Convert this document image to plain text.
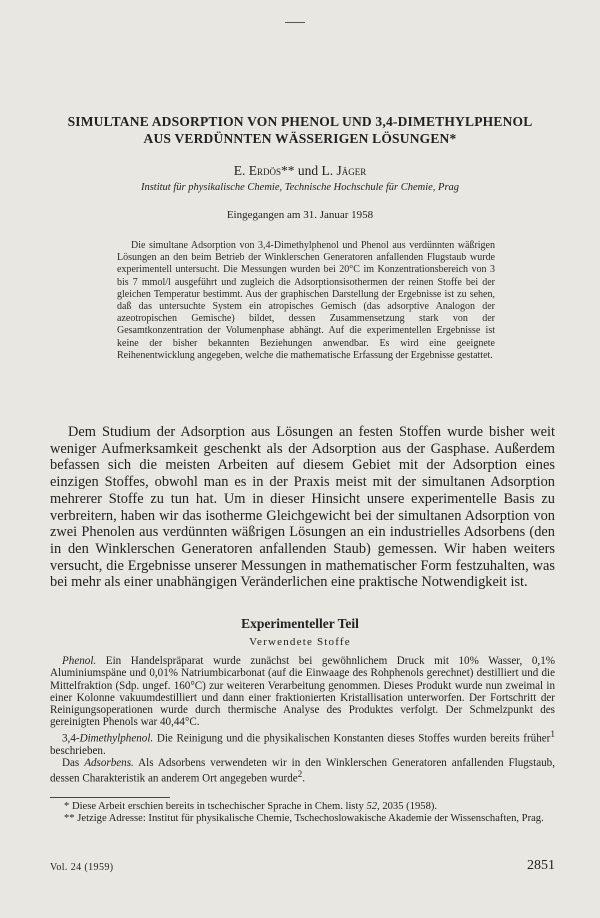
SIMULTANE ADSORPTION VON PHENOL UND 3,4-DIMETHYLPHENOL
AUS VERDÜNNTEN WÄSSERIGEN LÖSUNGEN*
E. Erdös** und L. Jäger
Institut für physikalische Chemie, Technische Hochschule für Chemie, Prag
Eingegangen am 31. Januar 1958
Die simultane Adsorption von 3,4-Dimethylphenol und Phenol aus verdünnten wäßrigen Lösungen an den beim Betrieb der Winklerschen Generatoren anfallenden Flugstaub wurde experimentell untersucht. Die Messungen wurden bei 20°C im Konzentrationsbereich von 3 bis 7 mmol/l ausgeführt und zugleich die Adsorptionsisothermen der reinen Stoffe bei der gleichen Temperatur bestimmt. Aus der graphischen Darstellung der Ergebnisse ist zu sehen, daß das untersuchte System ein atropisches Gemisch (das adsorptive Analogon der azeotropischen Gemische) bildet, dessen Zusammensetzung stark von der Gesamtkonzentration der Volumenphase abhängt. Auf die experimentellen Ergebnisse ist keine der bisher bekannten Beziehungen anwendbar. Es wird eine geeignete Reihenentwicklung angegeben, welche die mathematische Erfassung der Ergebnisse gestattet.
Dem Studium der Adsorption aus Lösungen an festen Stoffen wurde bisher weit weniger Aufmerksamkeit geschenkt als der Adsorption aus der Gasphase. Außerdem befassen sich die meisten Arbeiten auf diesem Gebiet mit der Adsorption eines einzigen Stoffes, obwohl man es in der Praxis meist mit der simultanen Adsorption mehrerer Stoffe zu tun hat. Um in dieser Hinsicht unsere experimentelle Basis zu verbreitern, haben wir das isotherme Gleichgewicht bei der simultanen Adsorption von zwei Phenolen aus verdünnten wäßrigen Lösungen an ein industrielles Adsorbens (den in den Winklerschen Generatoren anfallenden Staub) gemessen. Wir haben weiters versucht, die Ergebnisse unserer Messungen in mathematischer Form festzuhalten, was bei mehr als einer unabhängigen Veränderlichen eine praktische Notwendigkeit ist.
Experimenteller Teil
Verwendete Stoffe

Phenol. Ein Handelspräparat wurde zunächst bei gewöhnlichem Druck mit 10% Wasser, 0,1% Aluminiumspäne und 0,01% Natriumbicarbonat (auf die Einwaage des Rohphenols gerechnet) destilliert und die Mittelfraktion (Sdp. ungef. 160°C) zur weiteren Verarbeitung genommen. Dieses Produkt wurde nun zweimal in einer Kolonne vakuumdestilliert und dann einer fraktionierten Kristallisation unterworfen. Der Fortschritt der Reinigungsoperationen wurde durch thermische Analyse des Produktes verfolgt. Der Schmelzpunkt des gereinigten Phenols war 40,44°C.

3,4-Dimethylphenol. Die Reinigung und die physikalischen Konstanten dieses Stoffes wurden bereits früher$^1$ beschrieben.

Das Adsorbens. Als Adsorbens verwendeten wir in den Winklerschen Generatoren anfallenden Flugstaub, dessen Charakteristik an anderem Ort angegeben wurde$^2$.

* Diese Arbeit erschien bereits in tschechischer Sprache in Chem. listy 52, 2035 (1958).

** Jetzige Adresse: Institut für physikalische Chemie, Tschechoslowakische Akademie der Wissenschaften, Prag.

Vol. 24 (1959)	2851
